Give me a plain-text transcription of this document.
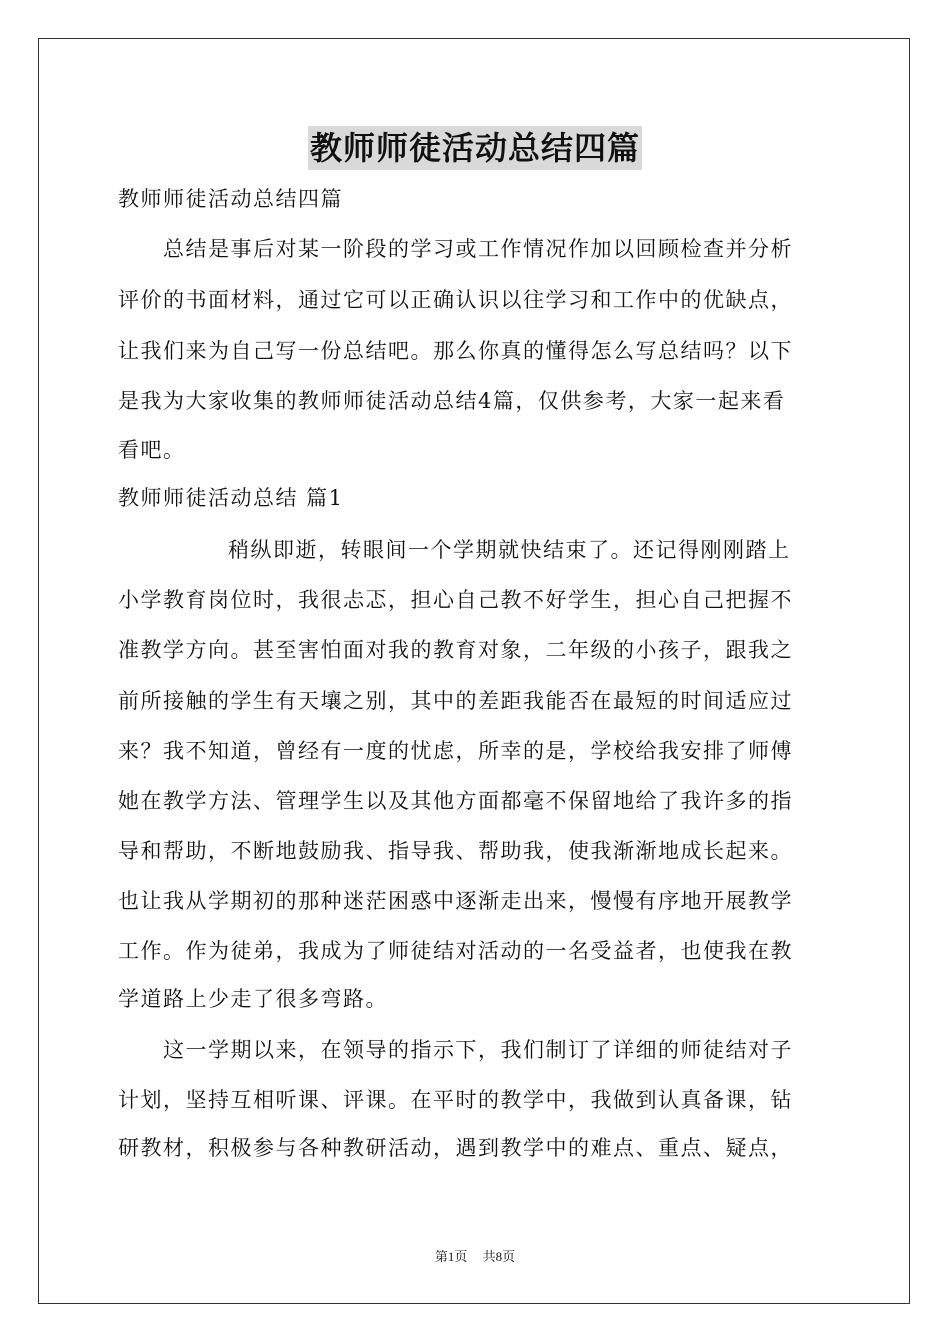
教师师徒活动总结四篇
教师师徒活动总结四篇
总结是事后对某一阶段的学习或工作情况作加以回顾检查并分析
评价的书面材料，通过它可以正确认识以往学习和工作中的优缺点，
让我们来为自己写一份总结吧。那么你真的懂得怎么写总结吗？以下
是我为大家收集的教师师徒活动总结4篇，仅供参考，大家一起来看
看吧。
教师师徒活动总结 篇1
稍纵即逝，转眼间一个学期就快结束了。还记得刚刚踏上
小学教育岗位时，我很忐忑，担心自己教不好学生，担心自己把握不
准教学方向。甚至害怕面对我的教育对象，二年级的小孩子，跟我之
前所接触的学生有天壤之别，其中的差距我能否在最短的时间适应过
来？我不知道，曾经有一度的忧虑，所幸的是，学校给我安排了师傅
她在教学方法、管理学生以及其他方面都毫不保留地给了我许多的指
导和帮助，不断地鼓励我、指导我、帮助我，使我渐渐地成长起来。
也让我从学期初的那种迷茫困惑中逐渐走出来，慢慢有序地开展教学
工作。作为徒弟，我成为了师徒结对活动的一名受益者，也使我在教
学道路上少走了很多弯路。
这一学期以来，在领导的指示下，我们制订了详细的师徒结对子
计划，坚持互相听课、评课。在平时的教学中，我做到认真备课，钻
研教材，积极参与各种教研活动，遇到教学中的难点、重点、疑点，
第1页 共8页
